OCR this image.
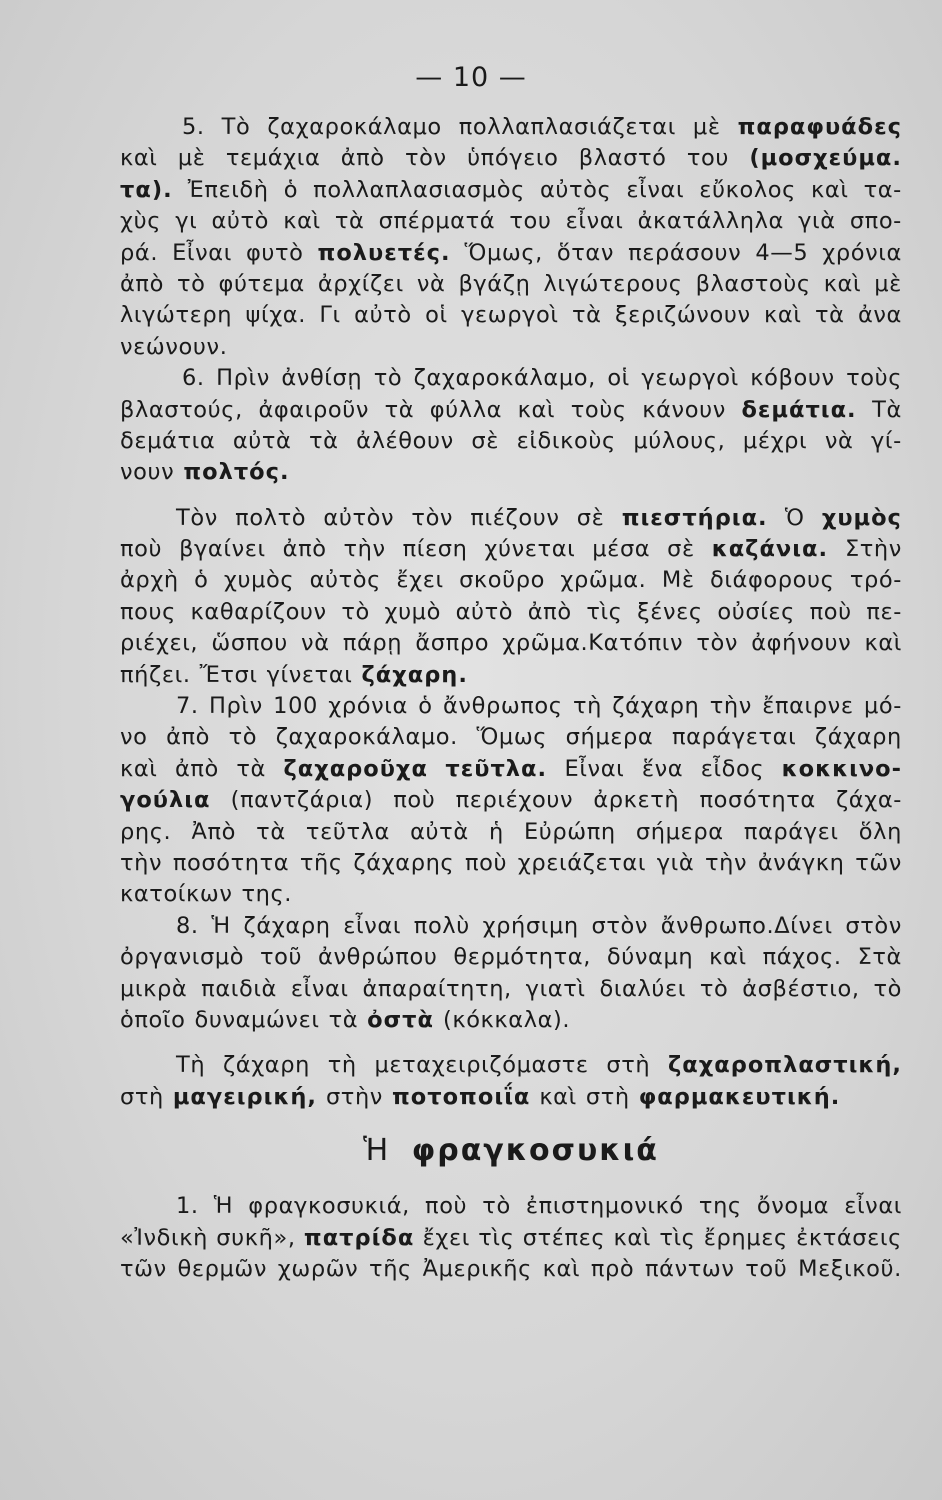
— 10 —
5. Τὸ ζαχαροκάλαμο πολλαπλασιάζεται μὲ παραφυάδες
καὶ μὲ τεμάχια ἀπὸ τὸν ὑπόγειο βλαστό του (μοσχεύμα.
τα). Ἐπειδὴ ὁ πολλαπλασιασμὸς αὐτὸς εἶναι εὔκολος καὶ τα-
χὺς γι αὐτὸ καὶ τὰ σπέρματά του εἶναι ἀκατάλληλα γιὰ σπο-
ρά. Εἶναι φυτὸ πολυετές. Ὅμως, ὅταν περάσουν 4—5 χρόνια
ἀπὸ τὸ φύτεμα ἀρχίζει νὰ βγάζῃ λιγώτερους βλαστοὺς καὶ μὲ
λιγώτερη ψίχα. Γι αὐτὸ οἱ γεωργοὶ τὰ ξεριζώνουν καὶ τὰ ἀνα
νεώνουν.
6. Πρὶν ἀνθίσῃ τὸ ζαχαροκάλαμο, οἱ γεωργοὶ κόβουν τοὺς
βλαστούς, ἀφαιροῦν τὰ φύλλα καὶ τοὺς κάνουν δεμάτια. Τὰ
δεμάτια αὐτὰ τὰ ἀλέθουν σὲ εἰδικοὺς μύλους, μέχρι νὰ γί-
νουν πολτός.
Τὸν πολτὸ αὐτὸν τὸν πιέζουν σὲ πιεστήρια. Ὁ χυμὸς
ποὺ βγαίνει ἀπὸ τὴν πίεση χύνεται μέσα σὲ καζάνια. Στὴν
ἀρχὴ ὁ χυμὸς αὐτὸς ἔχει σκοῦρο χρῶμα. Μὲ διάφορους τρό-
πους καθαρίζουν τὸ χυμὸ αὐτὸ ἀπὸ τὶς ξένες οὐσίες ποὺ πε-
ριέχει, ὥσπου νὰ πάρῃ ἄσπρο χρῶμα.Κατόπιν τὸν ἀφήνουν καὶ
πήζει. Ἔτσι γίνεται ζάχαρη.
7. Πρὶν 100 χρόνια ὁ ἄνθρωπος τὴ ζάχαρη τὴν ἔπαιρνε μό-
νο ἀπὸ τὸ ζαχαροκάλαμο. Ὅμως σήμερα παράγεται ζάχαρη
καὶ ἀπὸ τὰ ζαχαροῦχα τεῦτλα. Εἶναι ἕνα εἶδος κοκκινο-
γούλια (παντζάρια) ποὺ περιέχουν ἀρκετὴ ποσότητα ζάχα-
ρης. Ἀπὸ τὰ τεῦτλα αὐτὰ ἡ Εὐρώπη σήμερα παράγει ὅλη
τὴν ποσότητα τῆς ζάχαρης ποὺ χρειάζεται γιὰ τὴν ἀνάγκη τῶν
κατοίκων της.
8. Ἡ ζάχαρη εἶναι πολὺ χρήσιμη στὸν ἄνθρωπο.Δίνει στὸν
ὀργανισμὸ τοῦ ἀνθρώπου θερμότητα, δύναμη καὶ πάχος. Στὰ
μικρὰ παιδιὰ εἶναι ἀπαραίτητη, γιατὶ διαλύει τὸ ἀσβέστιο, τὸ
ὁποῖο δυναμώνει τὰ ὀστὰ (κόκκαλα).
Τὴ ζάχαρη τὴ μεταχειριζόμαστε στὴ ζαχαροπλαστική,
στὴ μαγειρική, στὴν ποτοποιΐα καὶ στὴ φαρμακευτική.
Ἡ φραγκοσυκιά
1. Ἡ φραγκοσυκιά, ποὺ τὸ ἐπιστημονικό της ὄνομα εἶναι
«Ἰνδικὴ συκῆ», πατρίδα ἔχει τὶς στέπες καὶ τὶς ἔρημες ἐκτάσεις
τῶν θερμῶν χωρῶν τῆς Ἀμερικῆς καὶ πρὸ πάντων τοῦ Μεξικοῦ.
